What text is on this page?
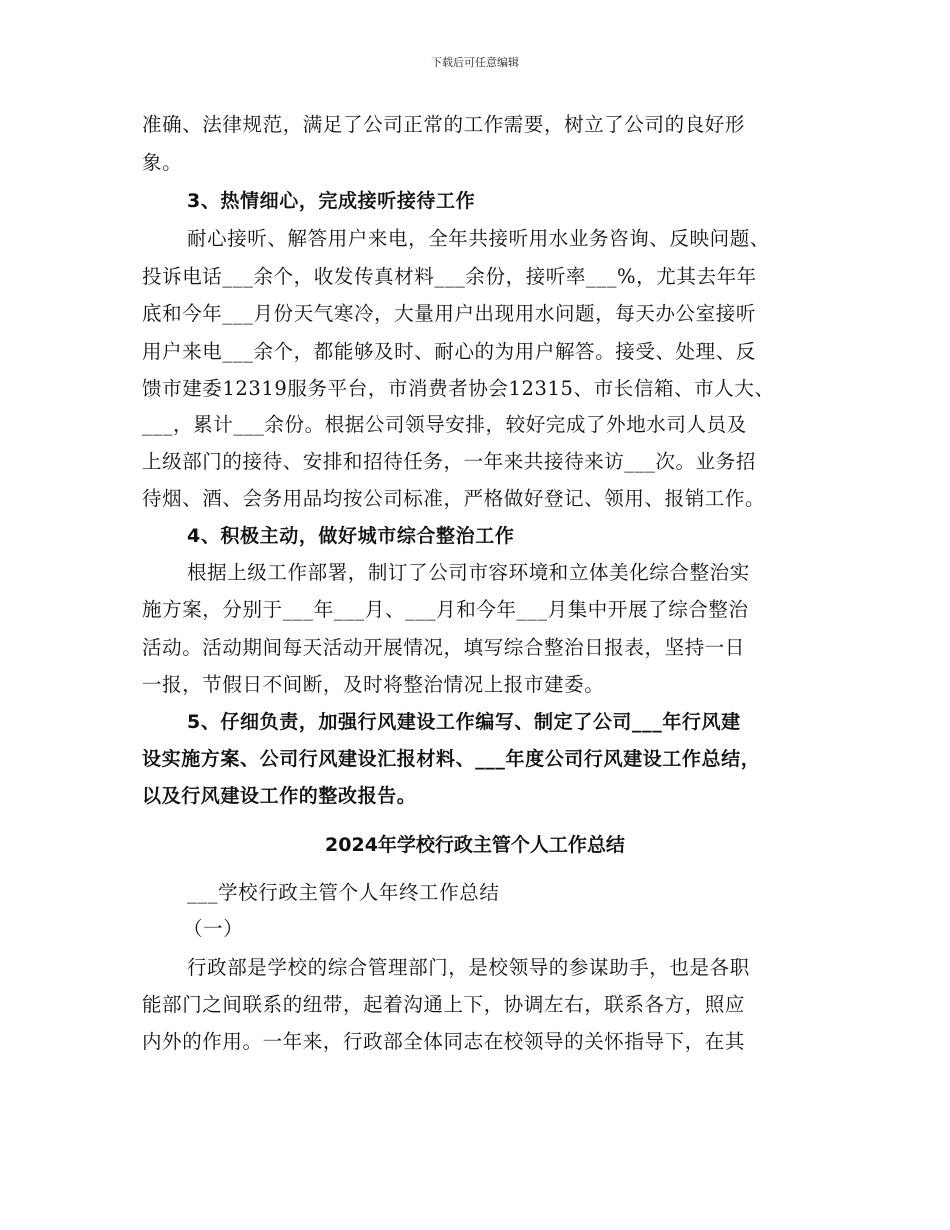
下载后可任意编辑
准确、法律规范，满足了公司正常的工作需要，树立了公司的良好形
象。
3、热情细心，完成接听接待工作
耐心接听、解答用户来电，全年共接听用水业务咨询、反映问题、
投诉电话___余个，收发传真材料___余份，接听率___%，尤其去年年
底和今年___月份天气寒冷，大量用户出现用水问题，每天办公室接听
用户来电___余个，都能够及时、耐心的为用户解答。接受、处理、反
馈市建委12319服务平台，市消费者协会12315、市长信箱、市人大、
___，累计___余份。根据公司领导安排，较好完成了外地水司人员及
上级部门的接待、安排和招待任务，一年来共接待来访___次。业务招
待烟、酒、会务用品均按公司标准，严格做好登记、领用、报销工作。
4、积极主动，做好城市综合整治工作
根据上级工作部署，制订了公司市容环境和立体美化综合整治实
施方案，分别于___年___月、___月和今年___月集中开展了综合整治
活动。活动期间每天活动开展情况，填写综合整治日报表，坚持一日
一报，节假日不间断，及时将整治情况上报市建委。
5、仔细负责，加强行风建设工作编写、制定了公司___年行风建
设实施方案、公司行风建设汇报材料、___年度公司行风建设工作总结，
以及行风建设工作的整改报告。
2024年学校行政主管个人工作总结
___学校行政主管个人年终工作总结
（一）
行政部是学校的综合管理部门，是校领导的参谋助手，也是各职
能部门之间联系的纽带，起着沟通上下，协调左右，联系各方，照应
内外的作用。一年来，行政部全体同志在校领导的关怀指导下，在其
